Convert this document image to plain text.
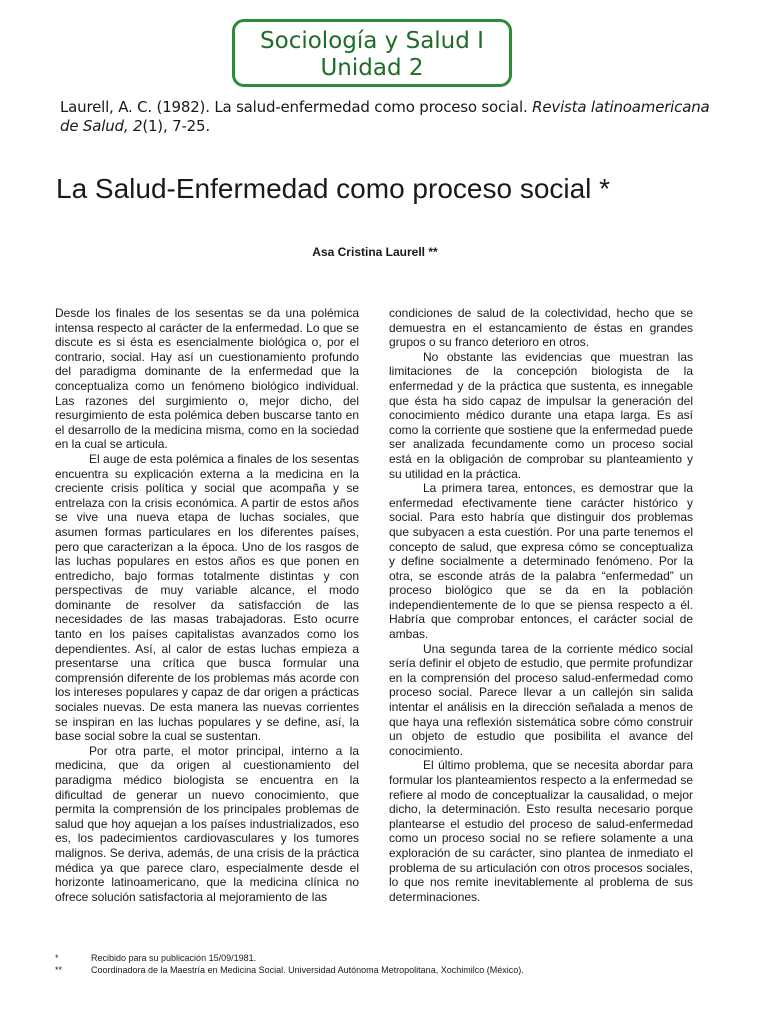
Sociología y Salud I
Unidad 2
Laurell, A. C. (1982). La salud-enfermedad como proceso social. Revista latinoamericana de Salud, 2(1), 7-25.
La Salud-Enfermedad como proceso social *
Asa Cristina Laurell **

Desde los finales de los sesentas se da una polémica intensa respecto al carácter de la enfermedad. Lo que se discute es si ésta es esencialmente biológica o, por el contrario, social. Hay así un cuestionamiento profundo del paradigma dominante de la enfermedad que la conceptualiza como un fenómeno biológico individual. Las razones del surgimiento o, mejor dicho, del resurgimiento de esta polémica deben buscarse tanto en el desarrollo de la medicina misma, como en la sociedad en la cual se articula.

El auge de esta polémica a finales de los sesentas encuentra su explicación externa a la medicina en la creciente crisis política y social que acompaña y se entrelaza con la crisis económica. A partir de estos años se vive una nueva etapa de luchas sociales, que asumen formas particulares en los diferentes países, pero que caracterizan a la época. Uno de los rasgos de las luchas populares en estos años es que ponen en entredicho, bajo formas totalmente distintas y con perspectivas de muy variable alcance, el modo dominante de resolver da satisfacción de las necesidades de las masas trabajadoras. Esto ocurre tanto en los países capitalistas avanzados como los dependientes. Así, al calor de estas luchas empieza a presentarse una crítica que busca formular una comprensión diferente de los problemas más acorde con los intereses populares y capaz de dar origen a prácticas sociales nuevas. De esta manera las nuevas corrientes se inspiran en las luchas populares y se define, así, la base social sobre la cual se sustentan.

Por otra parte, el motor principal, interno a la medicina, que da origen al cuestionamiento del paradigma médico biologista se encuentra en la dificultad de generar un nuevo conocimiento, que permita la comprensión de los principales problemas de salud que hoy aquejan a los países industrializados, eso es, los padecimientos cardiovasculares y los tumores malignos. Se deriva, además, de una crisis de la práctica médica ya que parece claro, especialmente desde el horizonte latinoamericano, que la medicina clínica no ofrece solución satisfactoria al mejoramiento de las

condiciones de salud de la colectividad, hecho que se demuestra en el estancamiento de éstas en grandes grupos o su franco deterioro en otros.

No obstante las evidencias que muestran las limitaciones de la concepción biologista de la enfermedad y de la práctica que sustenta, es innegable que ésta ha sido capaz de impulsar la generación del conocimiento médico durante una etapa larga. Es así como la corriente que sostiene que la enfermedad puede ser analizada fecundamente como un proceso social está en la obligación de comprobar su planteamiento y su utilidad en la práctica.

La primera tarea, entonces, es demostrar que la enfermedad efectivamente tiene carácter histórico y social. Para esto habría que distinguir dos problemas que subyacen a esta cuestión. Por una parte tenemos el concepto de salud, que expresa cómo se conceptualiza y define socialmente a determinado fenómeno. Por la otra, se esconde atrás de la palabra “enfermedad” un proceso biológico que se da en la población independientemente de lo que se piensa respecto a él. Habría que comprobar entonces, el carácter social de ambas.

Una segunda tarea de la corriente médico social sería definir el objeto de estudio, que permite profundizar en la comprensión del proceso salud-enfermedad como proceso social. Parece llevar a un callejón sin salida intentar el análisis en la dirección señalada a menos de que haya una reflexión sistemática sobre cómo construir un objeto de estudio que posibilita el avance del conocimiento.

El último problema, que se necesita abordar para formular los planteamientos respecto a la enfermedad se refiere al modo de conceptualizar la causalidad, o mejor dicho, la determinación. Esto resulta necesario porque plantearse el estudio del proceso de salud-enfermedad como un proceso social no se refiere solamente a una exploración de su carácter, sino plantea de inmediato el problema de su articulación con otros procesos sociales, lo que nos remite inevitablemente al problema de sus determinaciones.

*	Recibido para su publicación 15/09/1981.
**	Coordinadora de la Maestría en Medicina Social. Universidad Autónoma Metropolitana, Xochimilco (México).
